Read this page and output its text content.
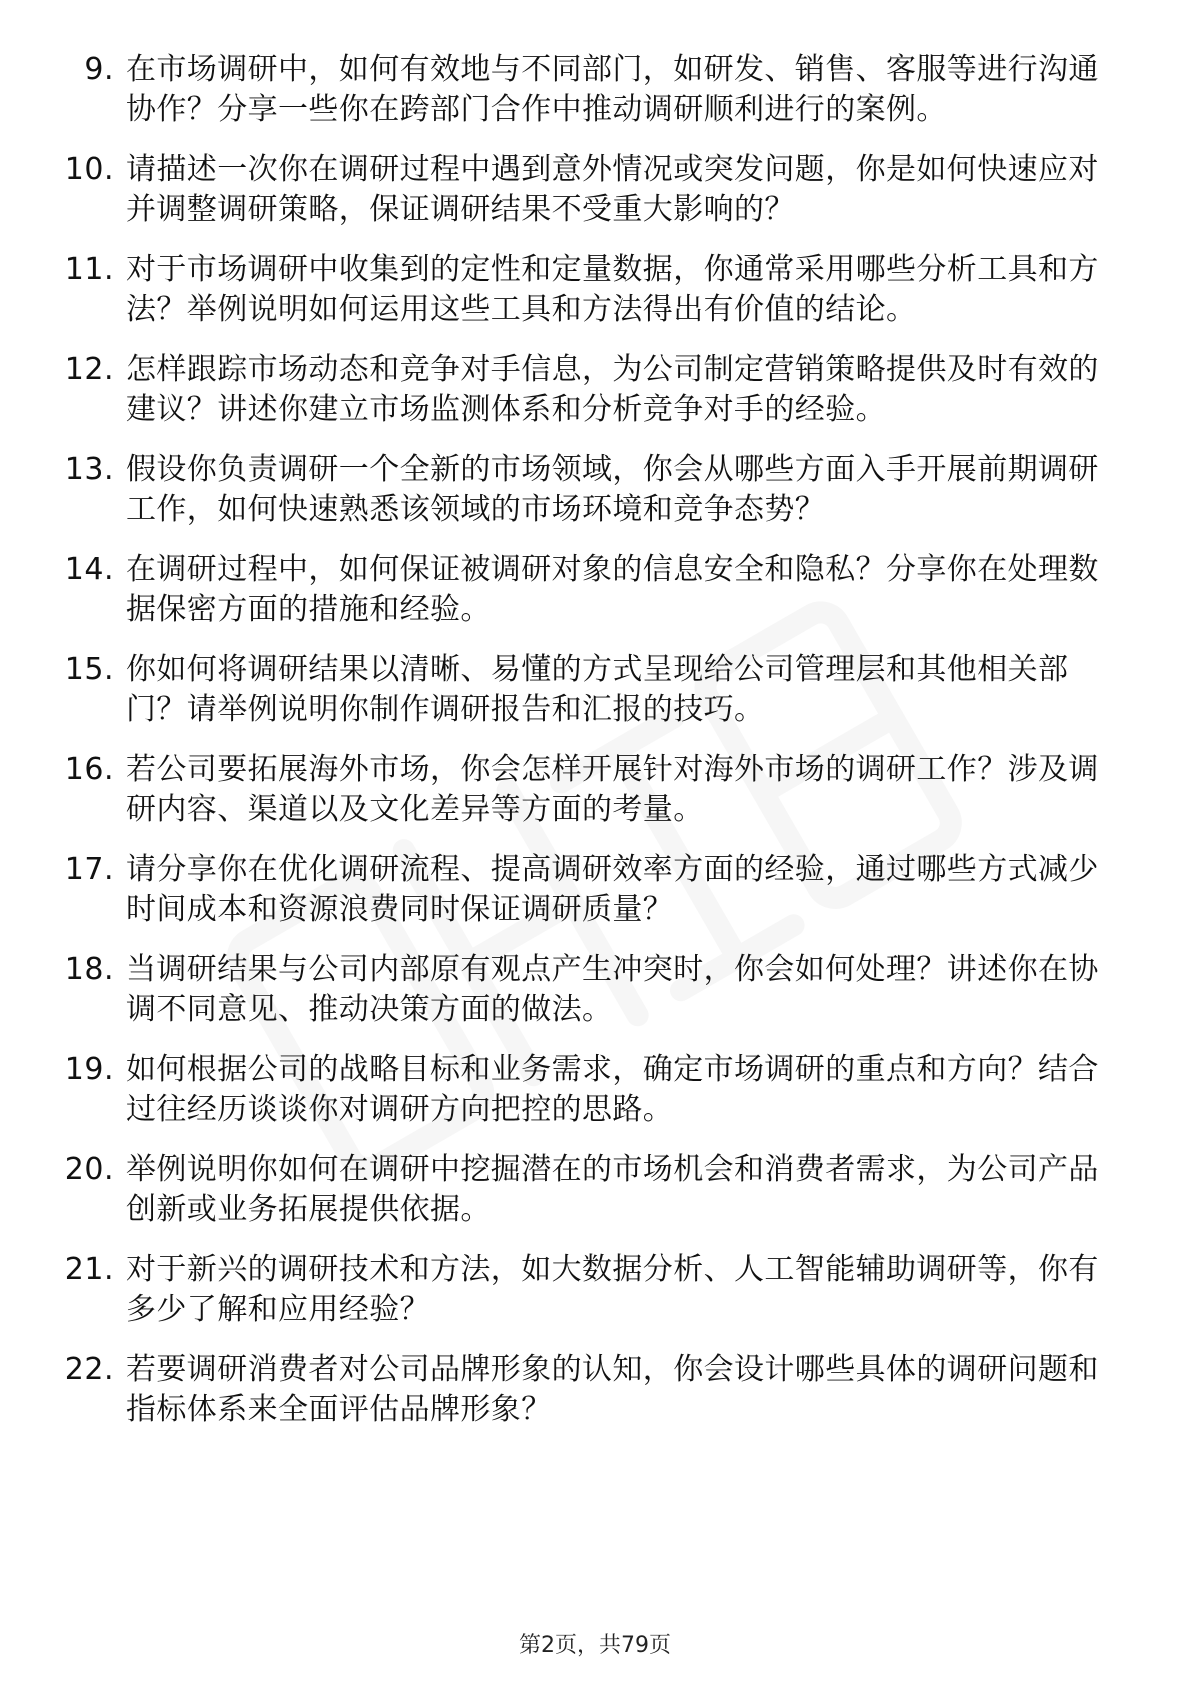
9. 在市场调研中，如何有效地与不同部门，如研发、销售、客服等进行沟通协作？分享一些你在跨部门合作中推动调研顺利进行的案例。
10. 请描述一次你在调研过程中遇到意外情况或突发问题，你是如何快速应对并调整调研策略，保证调研结果不受重大影响的？
11. 对于市场调研中收集到的定性和定量数据，你通常采用哪些分析工具和方法？举例说明如何运用这些工具和方法得出有价值的结论。
12. 怎样跟踪市场动态和竞争对手信息，为公司制定营销策略提供及时有效的建议？讲述你建立市场监测体系和分析竞争对手的经验。
13. 假设你负责调研一个全新的市场领域，你会从哪些方面入手开展前期调研工作，如何快速熟悉该领域的市场环境和竞争态势？
14. 在调研过程中，如何保证被调研对象的信息安全和隐私？分享你在处理数据保密方面的措施和经验。
15. 你如何将调研结果以清晰、易懂的方式呈现给公司管理层和其他相关部门？请举例说明你制作调研报告和汇报的技巧。
16. 若公司要拓展海外市场，你会怎样开展针对海外市场的调研工作？涉及调研内容、渠道以及文化差异等方面的考量。
17. 请分享你在优化调研流程、提高调研效率方面的经验，通过哪些方式减少时间成本和资源浪费同时保证调研质量？
18. 当调研结果与公司内部原有观点产生冲突时，你会如何处理？讲述你在协调不同意见、推动决策方面的做法。
19. 如何根据公司的战略目标和业务需求，确定市场调研的重点和方向？结合过往经历谈谈你对调研方向把控的思路。
20. 举例说明你如何在调研中挖掘潜在的市场机会和消费者需求，为公司产品创新或业务拓展提供依据。
21. 对于新兴的调研技术和方法，如大数据分析、人工智能辅助调研等，你有多少了解和应用经验？
22. 若要调研消费者对公司品牌形象的认知，你会设计哪些具体的调研问题和指标体系来全面评估品牌形象？
第2页，共79页
